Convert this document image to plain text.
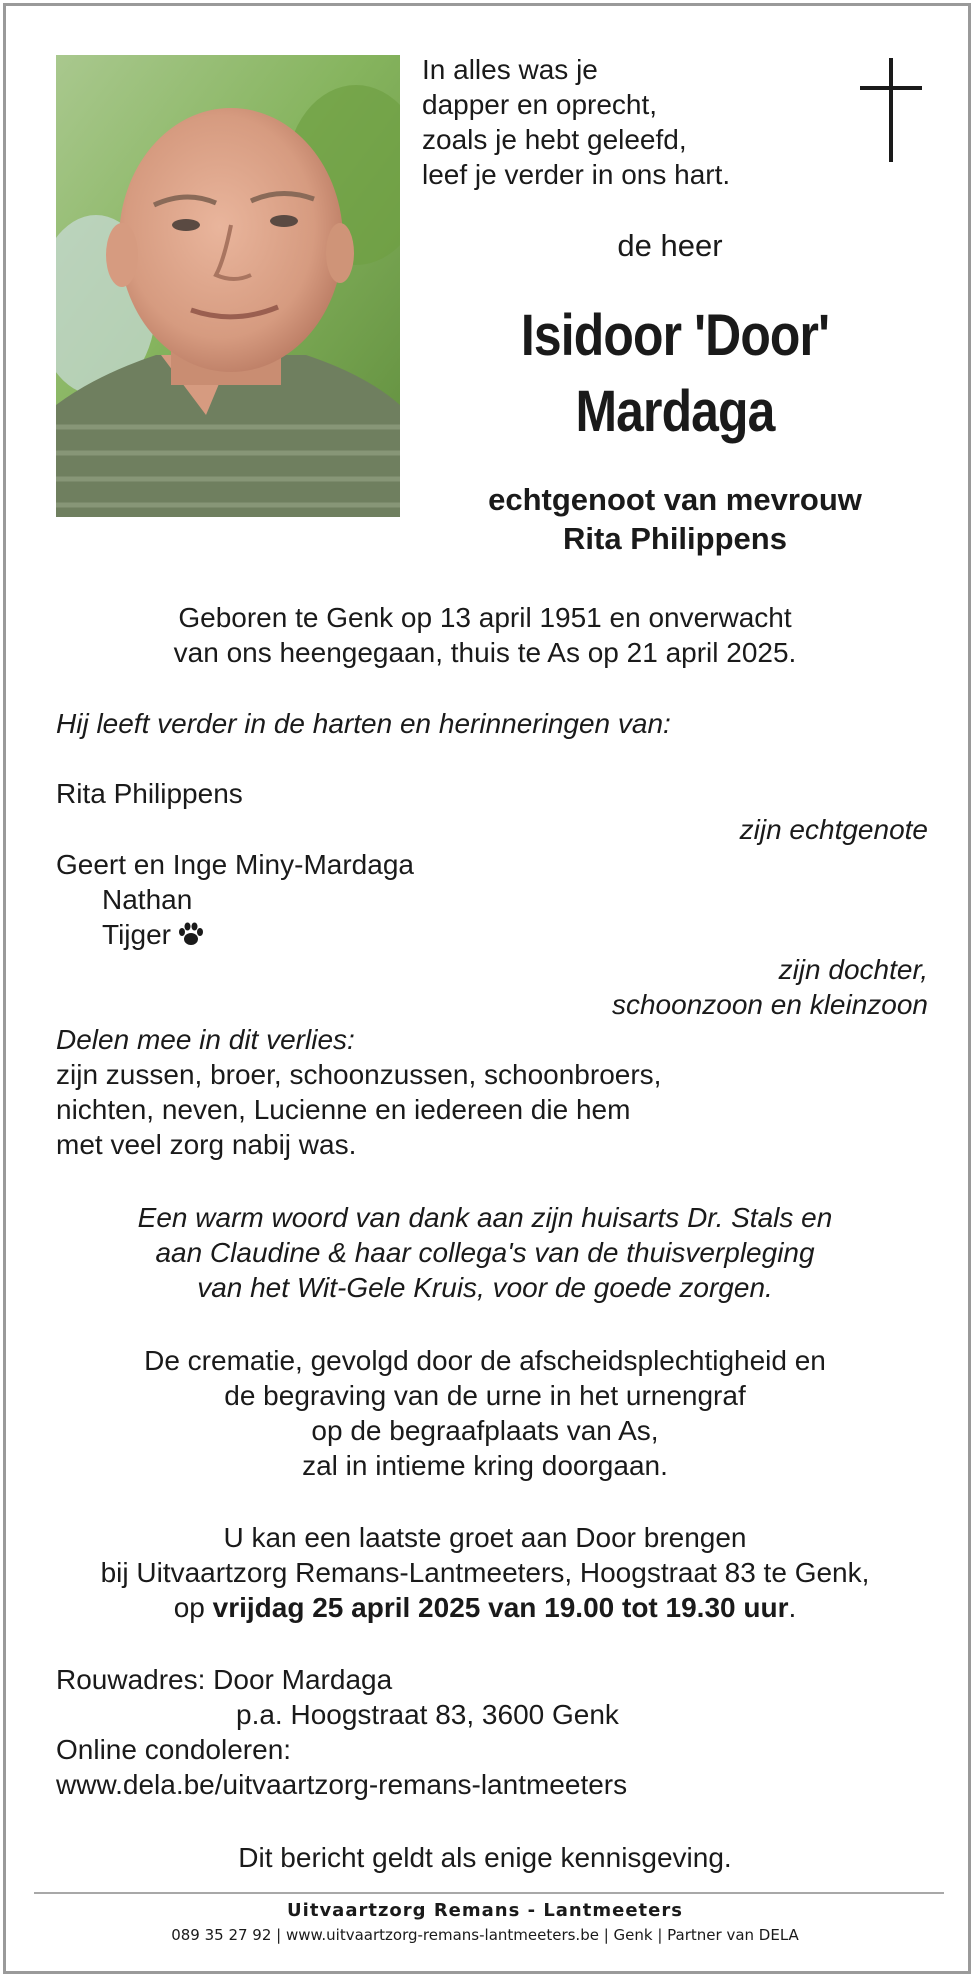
In alles was je
dapper en oprecht,
zoals je hebt geleefd,
leef je verder in ons hart.
de heer
Isidoor 'Door'
Mardaga
echtgenoot van mevrouw
Rita Philippens
Geboren te Genk op 13 april 1951 en onverwacht
van ons heengegaan, thuis te As op 21 april 2025.
Hij leeft verder in de harten en herinneringen van:
Rita Philippens
zijn echtgenote
Geert en Inge Miny-Mardaga
Nathan
Tijger
zijn dochter,
schoonzoon en kleinzoon
Delen mee in dit verlies:
zijn zussen, broer, schoonzussen, schoonbroers,
nichten, neven, Lucienne en iedereen die hem
met veel zorg nabij was.
Een warm woord van dank aan zijn huisarts Dr. Stals en
aan Claudine & haar collega's van de thuisverpleging
van het Wit-Gele Kruis, voor de goede zorgen.
De crematie, gevolgd door de afscheidsplechtigheid en
de begraving van de urne in het urnengraf
op de begraafplaats van As,
zal in intieme kring doorgaan.
U kan een laatste groet aan Door brengen
bij Uitvaartzorg Remans-Lantmeeters, Hoogstraat 83 te Genk,
op vrijdag 25 april 2025 van 19.00 tot 19.30 uur.
Rouwadres: Door Mardaga
p.a. Hoogstraat 83, 3600 Genk
Online condoleren:
www.dela.be/uitvaartzorg-remans-lantmeeters
Dit bericht geldt als enige kennisgeving.
Uitvaartzorg Remans - Lantmeeters
089 35 27 92 | www.uitvaartzorg-remans-lantmeeters.be | Genk | Partner van DELA
